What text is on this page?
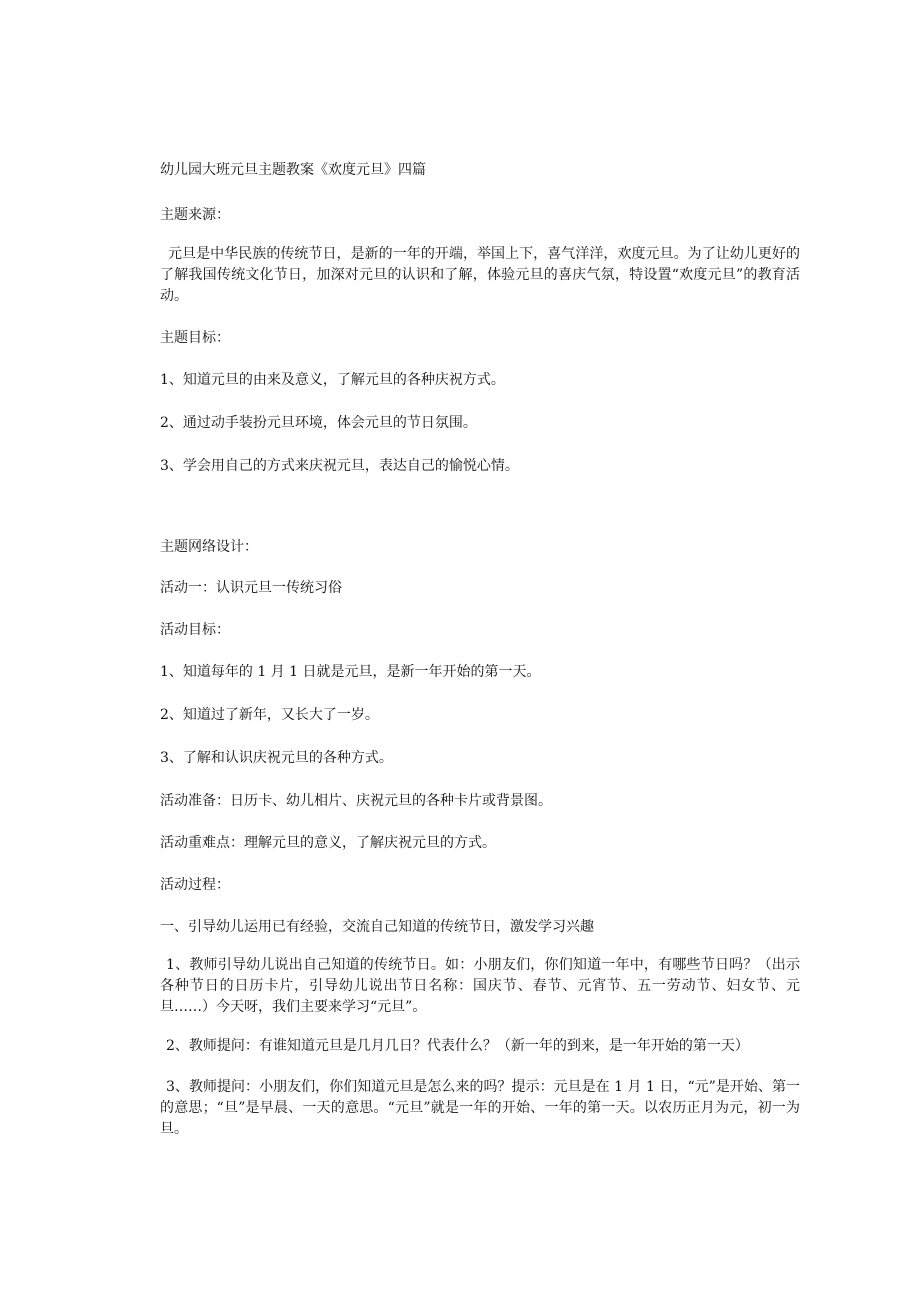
幼儿园大班元旦主题教案《欢度元旦》四篇
主题来源：
元旦是中华民族的传统节日，是新的一年的开端，举国上下，喜气洋洋，欢度元旦。为了让幼儿更好的了解我国传统文化节日，加深对元旦的认识和了解，体验元旦的喜庆气氛，特设置“欢度元旦”的教育活动。
主题目标：
1、知道元旦的由来及意义，了解元旦的各种庆祝方式。
2、通过动手装扮元旦环境，体会元旦的节日氛围。
3、学会用自己的方式来庆祝元旦，表达自己的愉悦心情。
主题网络设计：
活动一：认识元旦一传统习俗
活动目标：
1、知道每年的 1 月 1 日就是元旦，是新一年开始的第一天。
2、知道过了新年，又长大了一岁。
3、了解和认识庆祝元旦的各种方式。
活动准备：日历卡、幼儿相片、庆祝元旦的各种卡片或背景图。
活动重难点：理解元旦的意义，了解庆祝元旦的方式。
活动过程：
一、引导幼儿运用已有经验，交流自己知道的传统节日，激发学习兴趣
1、教师引导幼儿说出自己知道的传统节日。如：小朋友们，你们知道一年中，有哪些节日吗？（出示各种节日的日历卡片，引导幼儿说出节日名称：国庆节、春节、元宵节、五一劳动节、妇女节、元旦……）今天呀，我们主要来学习“元旦”。
2、教师提问：有谁知道元旦是几月几日？代表什么？（新一年的到来，是一年开始的第一天）
3、教师提问：小朋友们，你们知道元旦是怎么来的吗？提示：元旦是在 1 月 1 日，“元”是开始、第一的意思；“旦”是早晨、一天的意思。“元旦”就是一年的开始、一年的第一天。以农历正月为元，初一为旦。
